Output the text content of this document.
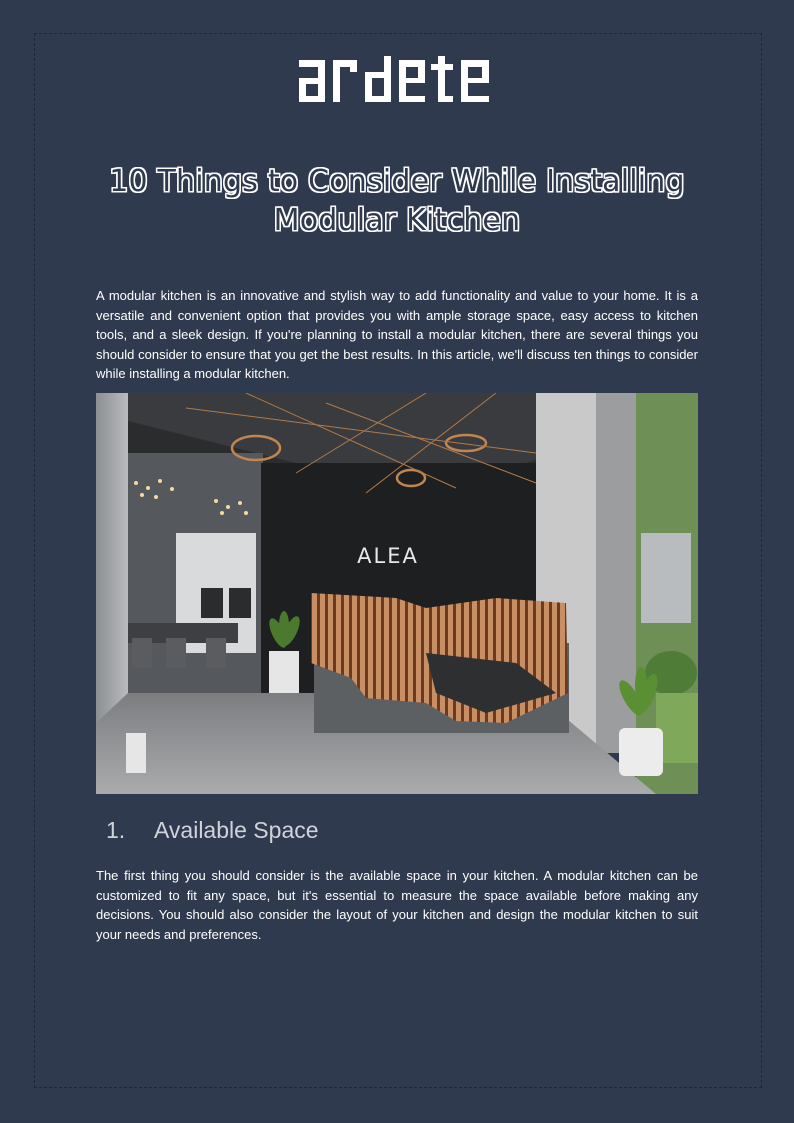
10 Things to Consider While Installing
Modular Kitchen

A modular kitchen is an innovative and stylish way to add functionality and value to your home. It is a versatile and convenient option that provides you with ample storage space, easy access to kitchen tools, and a sleek design. If you're planning to install a modular kitchen, there are several things you should consider to ensure that you get the best results. In this article, we'll discuss ten things to consider while installing a modular kitchen.

ALEA
1. Available Space

The first thing you should consider is the available space in your kitchen. A modular kitchen can be customized to fit any space, but it's essential to measure the space available before making any decisions. You should also consider the layout of your kitchen and design the modular kitchen to suit your needs and preferences.
